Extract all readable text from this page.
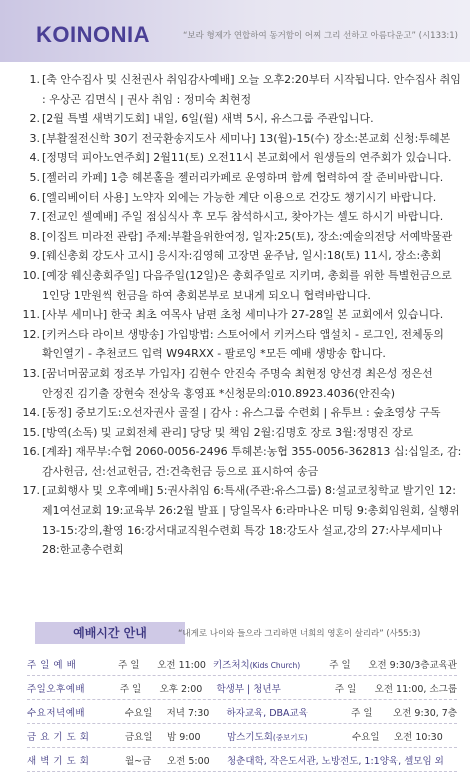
KOINONIA	“보라 형제가 연합하여 동거함이 어찌 그리 선하고 아름다운고” (시133:1)
1. [축 안수집사 및 신천권사 취임감사예배] 오늘 오후2:20부터 시작됩니다. 안수집사 취임 : 우상곤 김면식 | 권사 취임 : 정미숙 최현정
2. [2월 특별 새벽기도회] 내일, 6일(월) 새벽 5시, 유스그룹 주관입니다.
3. [부활절전신학 30기 전국환송지도사 세미나] 13(월)-15(수) 장소:본교회 신청:투헤본
4. [정명덕 피아노연주회] 2월11(토) 오전11시 본교회에서 원생들의 연주회가 있습니다.
5. [젤러리 카페] 1층 헤본홀을 젤러리카페로 운영하며 함께 협력하여 잘 준비바랍니다.
6. [엘리베이터 사용] 노약자 외에는 가능한 계단 이용으로 건강도 챙기시기 바랍니다.
7. [전교인 셀예배] 주일 점심식사 후 모두 참석하시고, 찾아가는 셀도 하시기 바랍니다.
8. [이집트 미라전 관람] 주제:부활을위한여정, 일자:25(토), 장소:예술의전당 서예박물관
9. [웨신총회 강도사 고시] 응시자:김영혜 고장면 윤주남, 일시:18(토) 11시, 장소:총회
10. [예장 웨신총회주일] 다음주일(12일)은 총회주일로 지키며, 총회를 위한 특별헌금으로 1인당 1만원씩 헌금을 하여 총회본부로 보내게 되오니 협력바랍니다.
11. [사부 세미나] 한국 최초 여목사 남편 초청 세미나가 27-28일 본 교회에서 있습니다.
12. [키커스타 라이브 생방송] 가입방법: 스토어에서 키커스타 앱설치 - 로그인, 전체동의 확인열기 - 추천코드 입력 W94RXX - 팔로잉 *모든 예배 생방송 합니다.
13. [꿈너머꿈교회 정조부 가입자] 김현수 안진숙 주명숙 최현정 양선경 최은성 정은선 안정진 김기출 장현숙 전상욱 홍영표 *신청문의:010.8923.4036(안진숙)
14. [동정] 중보기도:오선자권사 골절 | 감사 : 유스그룹 수련회 | 유투브 : 숲초영상 구독
15. [방역(소독) 및 교회전체 관리] 당당 및 책임 2월:김명호 장로 3월:정명진 장로
16. [계좌] 재무부:수협 2060-0056-2496 투헤본:농협 355-0056-362813 십:십일조, 감:감사헌금, 선:선교헌금, 건:건축헌금 등으로 표시하여 송금
17. [교회행사 및 오후예배] 5:권사취임 6:특새(주관:유스그룹) 8:설교코칭학교 발기인 12:제1여선교회 19:교육부 26:2월 발표 | 당일목사 6:라마나온 미팅 9:총회임원회, 실행위 13-15:강의,촬영 16:강서대교직원수련회 특강 18:강도사 설교,강의 27:사부세미나 28:한교총수련회
예배시간 안내	“내게로 나이와 들으라 그리하면 너희의 영혼이 살리라” (사55:3)
주 일 예 배	주 일	오전 11:00 키즈처치(Kids Church)	주 일	오전 9:30/3층교육관
주일오후예배	주 일	오후 2:00	학생부 | 청년부	주 일	오전 11:00, 소그룹
수요저녁예배	수요일	저녁 7:30	하자교육, DBA교육	주 일	오전 9:30, 7층
금 요 기 도 회	금요일	밤 9:00	맘스기도회(중보기도)	수요일	오전 10:30
새 벽 기 도 회	월~금	오전 5:00	청춘대학, 작은도서관, 노방전도, 1:1양육, 셀모임 외
